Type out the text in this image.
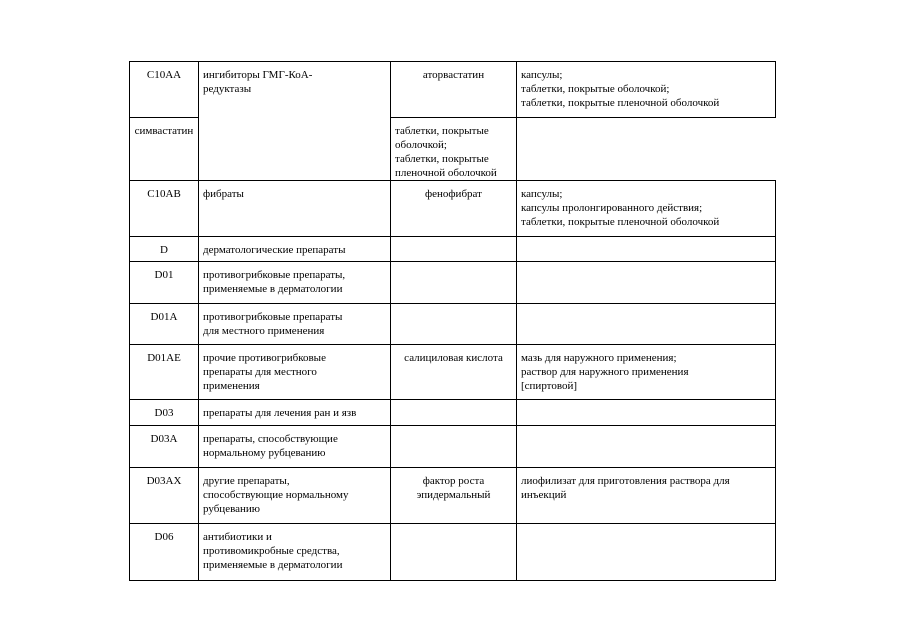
C10AA	ингибиторы ГМГ-КоА-
редуктазы	аторвастатин	капсулы;
таблетки, покрытые оболочкой;
таблетки, покрытые пленочной оболочкой

симвастатин		таблетки, покрытые оболочкой;
таблетки, покрытые пленочной оболочкой	

C10AB	фибраты	фенофибрат	капсулы;
капсулы пролонгированного действия;
таблетки, покрытые пленочной оболочкой

D	дерматологические препараты		

D01	противогрибковые препараты,
применяемые в дерматологии		

D01A	противогрибковые препараты
для местного применения		

D01AE	прочие противогрибковые
препараты для местного
применения	салициловая кислота	мазь для наружного применения;
раствор для наружного применения
[спиртовой]

D03	препараты для лечения ран и язв		

D03A	препараты, способствующие
нормальному рубцеванию		

D03AX	другие препараты,
способствующие нормальному
рубцеванию	фактор роста
эпидермальный	лиофилизат для приготовления раствора для
инъекций

D06	антибиотики и
противомикробные средства,
применяемые в дерматологии		
